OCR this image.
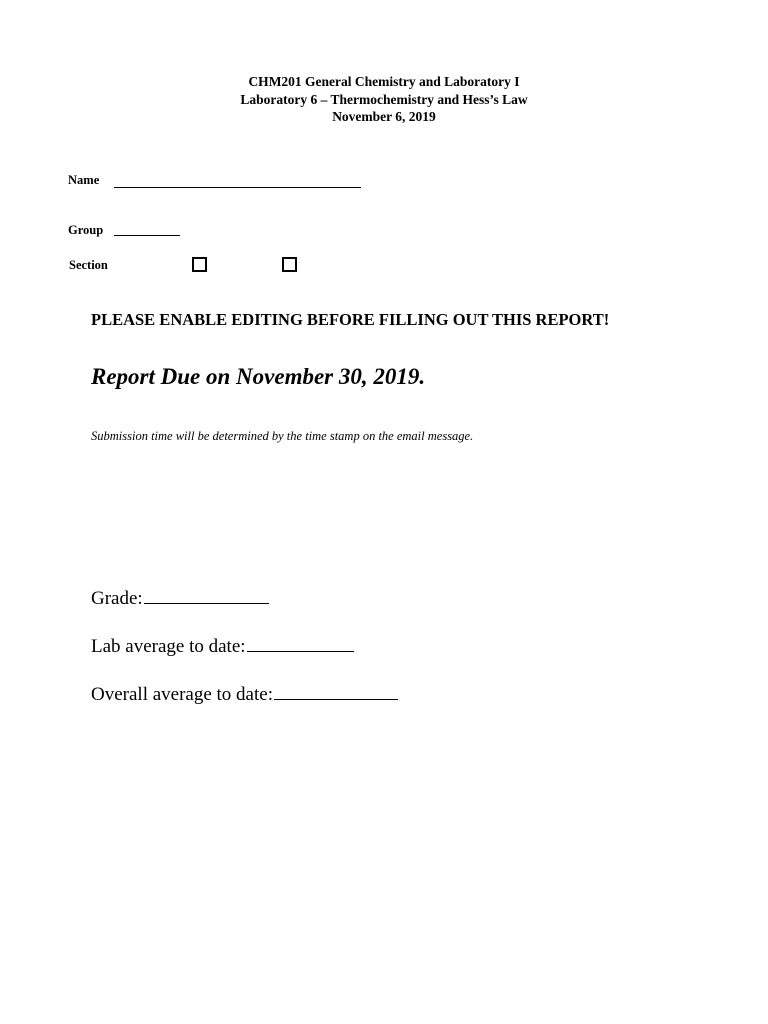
CHM201 General Chemistry and Laboratory I
Laboratory 6 – Thermochemistry and Hess’s Law
November 6, 2019
Name
Group
Section
PLEASE ENABLE EDITING BEFORE FILLING OUT THIS REPORT!
Report Due on November 30, 2019.
Submission time will be determined by the time stamp on the email message.
Grade:
Lab average to date:
Overall average to date:
